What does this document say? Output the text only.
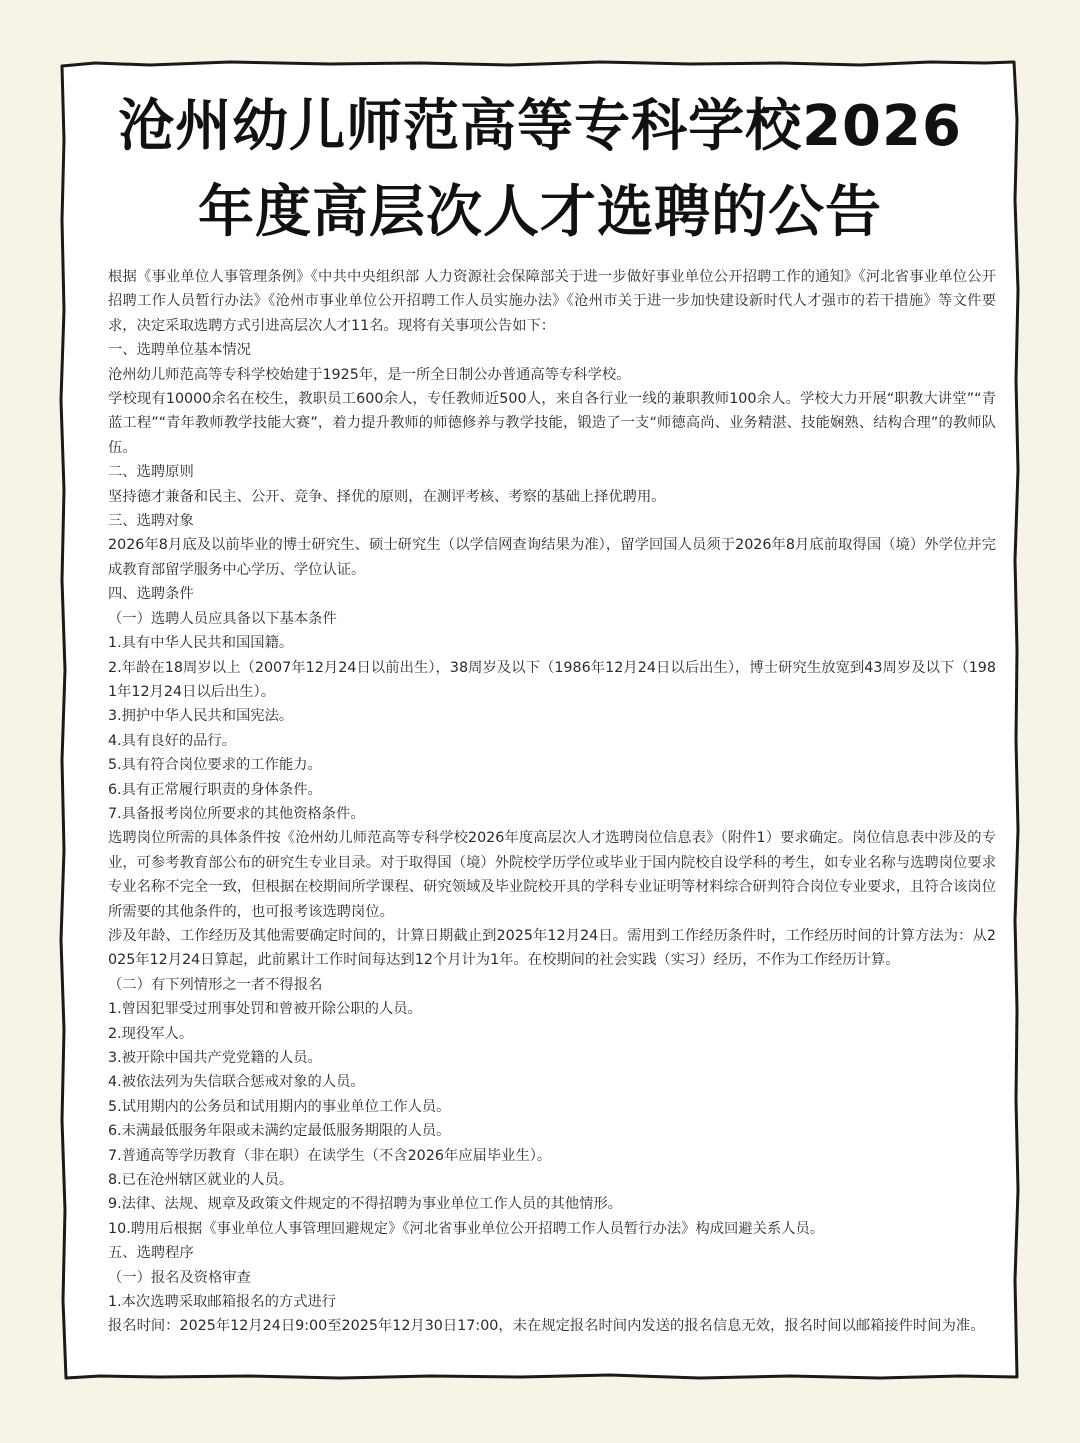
沧州幼儿师范高等专科学校2026
年度高层次人才选聘的公告

根据《事业单位人事管理条例》《中共中央组织部 人力资源社会保障部关于进一步做好事业单位公开招聘工作的通知》《河北省事业单位公开招聘工作人员暂行办法》《沧州市事业单位公开招聘工作人员实施办法》《沧州市关于进一步加快建设新时代人才强市的若干措施》等文件要求，决定采取选聘方式引进高层次人才11名。现将有关事项公告如下：

一、选聘单位基本情况

沧州幼儿师范高等专科学校始建于1925年，是一所全日制公办普通高等专科学校。

学校现有10000余名在校生，教职员工600余人，专任教师近500人，来自各行业一线的兼职教师100余人。学校大力开展“职教大讲堂”“青蓝工程”“青年教师教学技能大赛”，着力提升教师的师德修养与教学技能，锻造了一支“师德高尚、业务精湛、技能娴熟、结构合理”的教师队伍。

二、选聘原则

坚持德才兼备和民主、公开、竞争、择优的原则，在测评考核、考察的基础上择优聘用。

三、选聘对象

2026年8月底及以前毕业的博士研究生、硕士研究生（以学信网查询结果为准），留学回国人员须于2026年8月底前取得国（境）外学位并完成教育部留学服务中心学历、学位认证。

四、选聘条件

（一）选聘人员应具备以下基本条件

1.具有中华人民共和国国籍。

2.年龄在18周岁以上（2007年12月24日以前出生），38周岁及以下（1986年12月24日以后出生），博士研究生放宽到43周岁及以下（1981年12月24日以后出生）。

3.拥护中华人民共和国宪法。

4.具有良好的品行。

5.具有符合岗位要求的工作能力。

6.具有正常履行职责的身体条件。

7.具备报考岗位所要求的其他资格条件。

选聘岗位所需的具体条件按《沧州幼儿师范高等专科学校2026年度高层次人才选聘岗位信息表》（附件1）要求确定。岗位信息表中涉及的专业，可参考教育部公布的研究生专业目录。对于取得国（境）外院校学历学位或毕业于国内院校自设学科的考生，如专业名称与选聘岗位要求专业名称不完全一致，但根据在校期间所学课程、研究领域及毕业院校开具的学科专业证明等材料综合研判符合岗位专业要求，且符合该岗位所需要的其他条件的，也可报考该选聘岗位。

涉及年龄、工作经历及其他需要确定时间的，计算日期截止到2025年12月24日。需用到工作经历条件时，工作经历时间的计算方法为：从2025年12月24日算起，此前累计工作时间每达到12个月计为1年。在校期间的社会实践（实习）经历，不作为工作经历计算。

（二）有下列情形之一者不得报名

1.曾因犯罪受过刑事处罚和曾被开除公职的人员。

2.现役军人。

3.被开除中国共产党党籍的人员。

4.被依法列为失信联合惩戒对象的人员。

5.试用期内的公务员和试用期内的事业单位工作人员。

6.未满最低服务年限或未满约定最低服务期限的人员。

7.普通高等学历教育（非在职）在读学生（不含2026年应届毕业生）。

8.已在沧州辖区就业的人员。

9.法律、法规、规章及政策文件规定的不得招聘为事业单位工作人员的其他情形。

10.聘用后根据《事业单位人事管理回避规定》《河北省事业单位公开招聘工作人员暂行办法》构成回避关系人员。

五、选聘程序

（一）报名及资格审查

1.本次选聘采取邮箱报名的方式进行

报名时间：2025年12月24日9:00至2025年12月30日17:00，未在规定报名时间内发送的报名信息无效，报名时间以邮箱接件时间为准。
